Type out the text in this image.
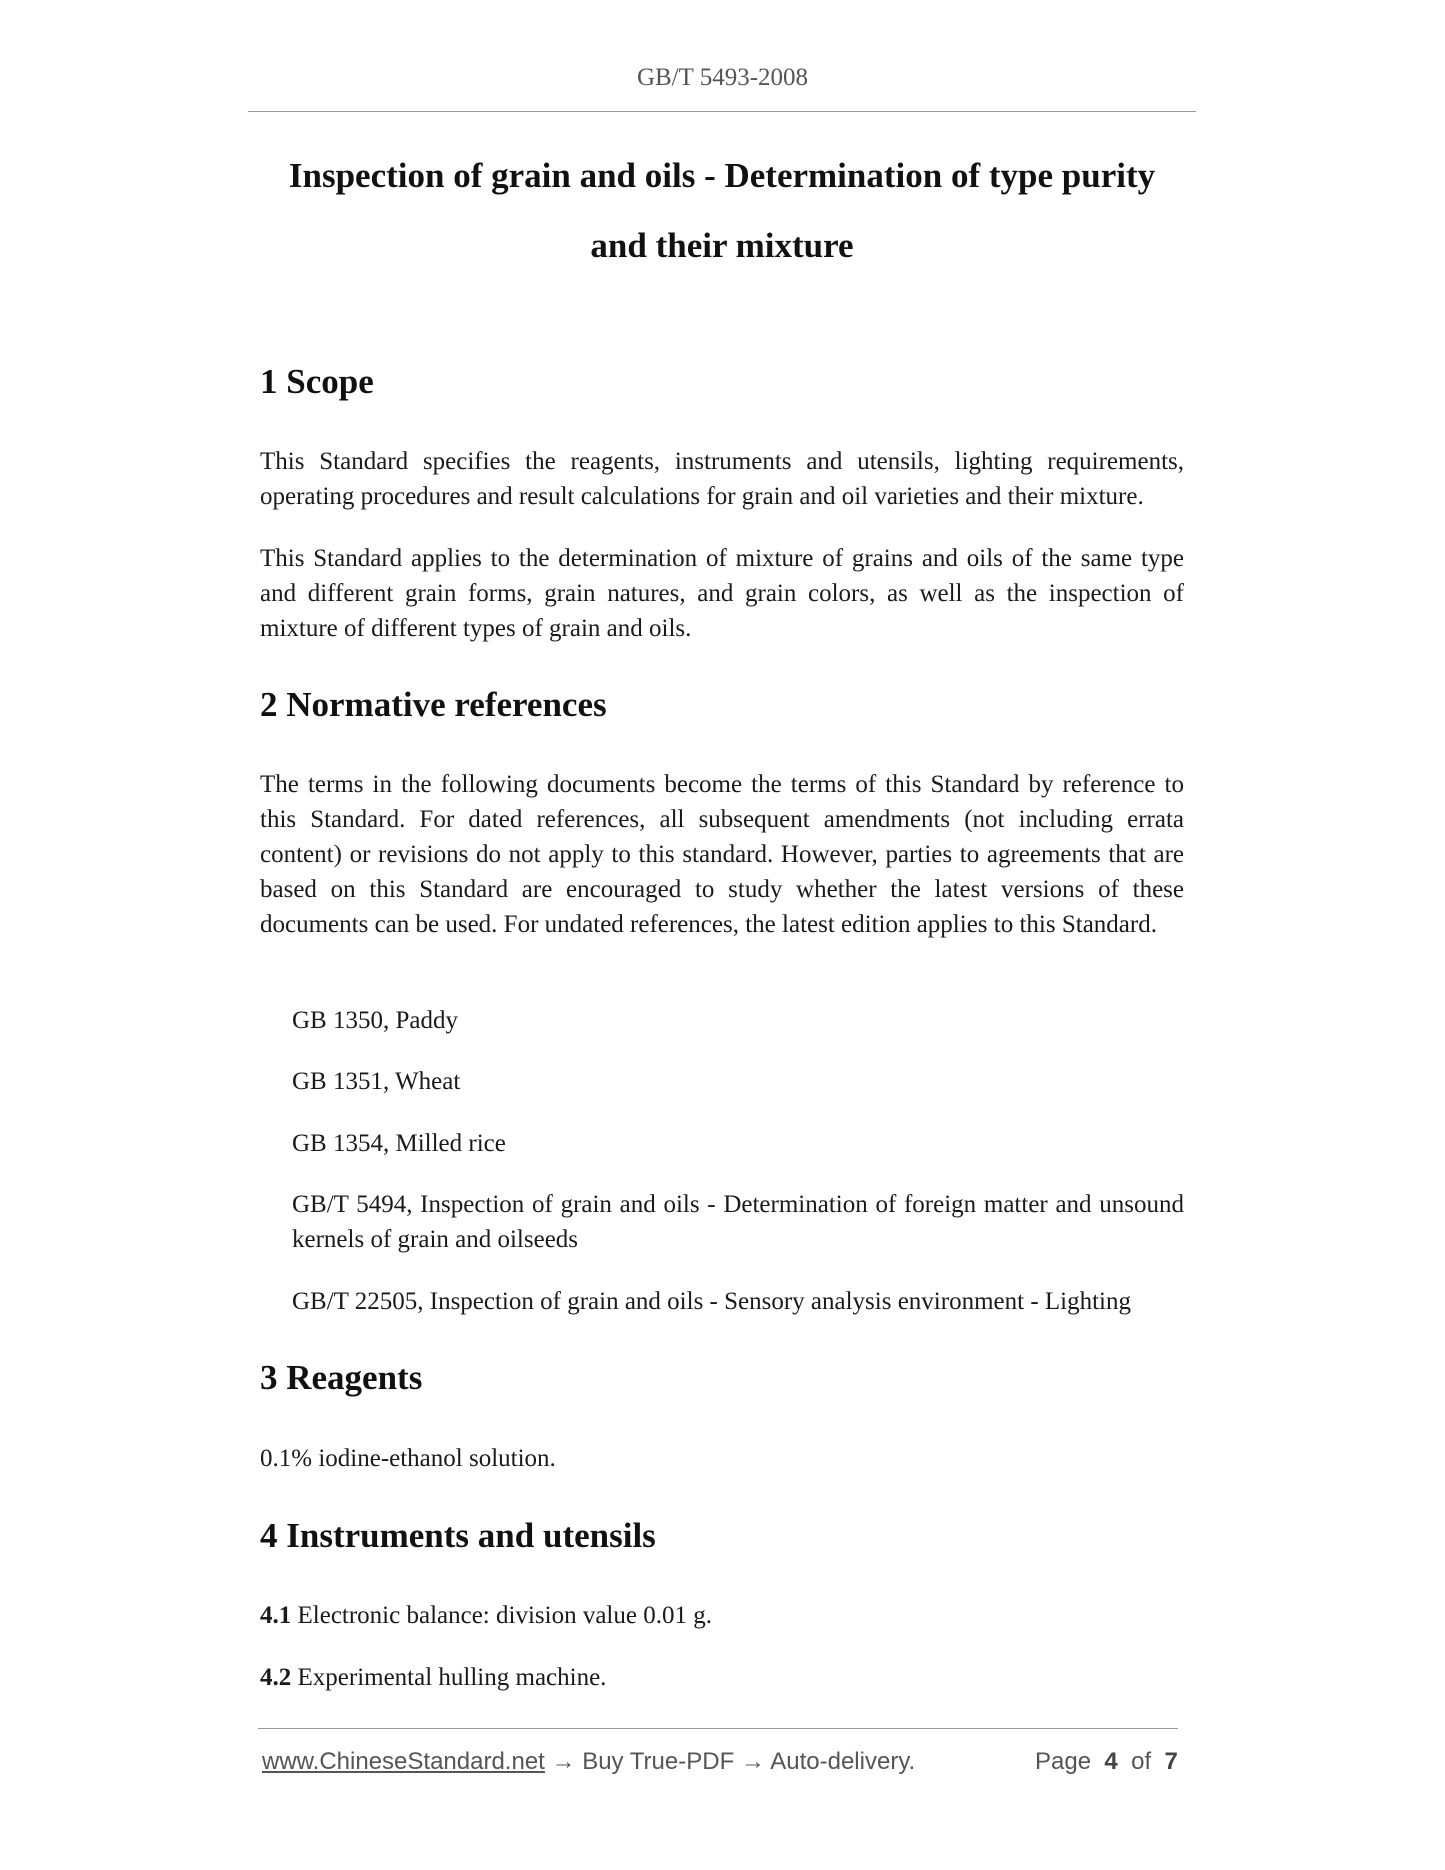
GB/T 5493-2008
Inspection of grain and oils - Determination of type purity
and their mixture
1 Scope
This Standard specifies the reagents, instruments and utensils, lighting requirements, operating procedures and result calculations for grain and oil varieties and their mixture.
This Standard applies to the determination of mixture of grains and oils of the same type and different grain forms, grain natures, and grain colors, as well as the inspection of mixture of different types of grain and oils.
2 Normative references
The terms in the following documents become the terms of this Standard by reference to this Standard. For dated references, all subsequent amendments (not including errata content) or revisions do not apply to this standard. However, parties to agreements that are based on this Standard are encouraged to study whether the latest versions of these documents can be used. For undated references, the latest edition applies to this Standard.
GB 1350, Paddy
GB 1351, Wheat
GB 1354, Milled rice
GB/T 5494, Inspection of grain and oils - Determination of foreign matter and unsound kernels of grain and oilseeds
GB/T 22505, Inspection of grain and oils - Sensory analysis environment - Lighting
3 Reagents
0.1% iodine-ethanol solution.
4 Instruments and utensils
4.1 Electronic balance: division value 0.01 g.
4.2 Experimental hulling machine.
www.ChineseStandard.net → Buy True-PDF → Auto-delivery.	Page 4 of 7
